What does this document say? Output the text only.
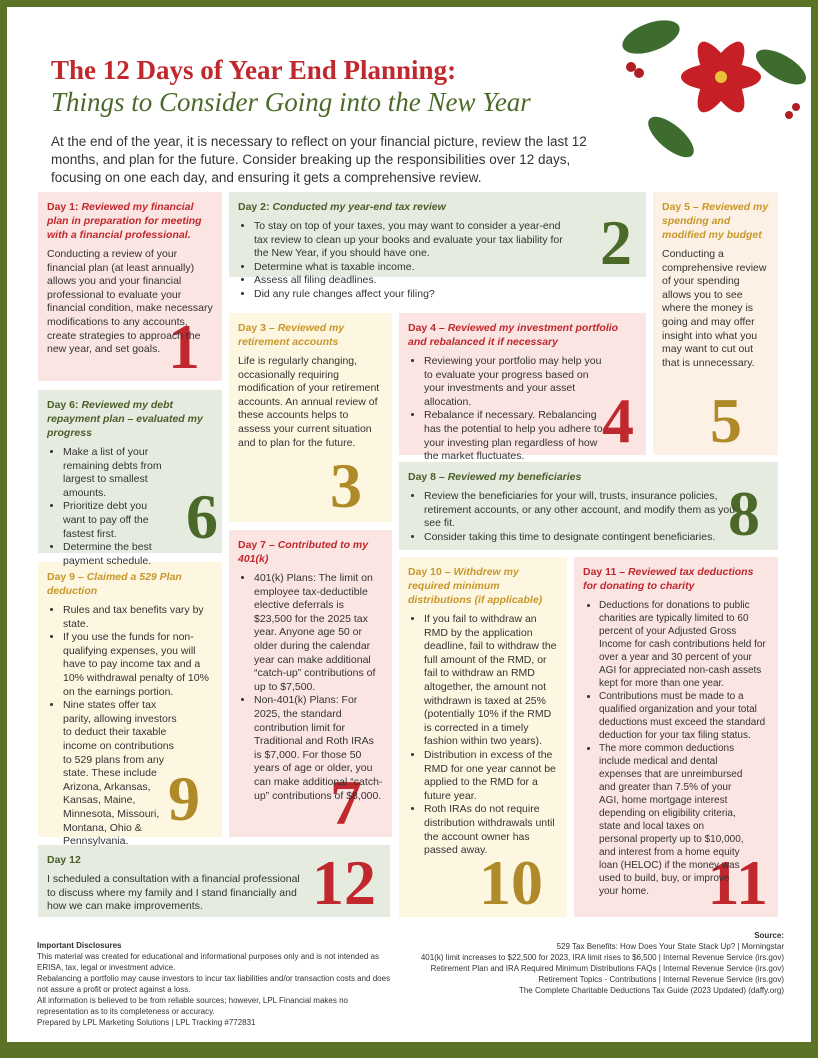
The 12 Days of Year End Planning:
Things to Consider Going into the New Year
At the end of the year, it is necessary to reflect on your financial picture, review the last 12 months, and plan for the future. Consider breaking up the responsibilities over 12 days, focusing on one each day, and ensuring it gets a comprehensive review.
Day 1: Reviewed my financial plan in preparation for meeting with a financial professional.

Conducting a review of your financial plan (at least annually) allows you and your financial professional to evaluate your financial condition, make necessary modifications to any accounts, create strategies to approach the new year, and set goals. 1
Day 2: Conducted my year-end tax review
• To stay on top of your taxes, you may want to consider a year-end tax review to clean up your books and evaluate your tax liability for the New Year, if you should have one.
• Determine what is taxable income.
• Assess all filing deadlines.
• Did any rule changes affect your filing?
2	Day 5 – Reviewed my spending and modified my budget

Conducting a comprehensive review of your spending allows you to see where the money is going and may offer insight into what you may want to cut out that is unnecessary.

5
Day 3 – Reviewed my retirement accounts

Life is regularly changing, occasionally requiring modification of your retirement accounts. An annual review of these accounts helps to assess your current situation and to plan for the future.

3
Day 4 – Reviewed my investment portfolio and rebalanced it if necessary
• Reviewing your portfolio may help you to evaluate your progress based on your investments and your asset allocation.
• Rebalance if necessary. Rebalancing has the potential to help you adhere to your investing plan regardless of how the market fluctuates.
4
Day 6: Reviewed my debt repayment plan – evaluated my progress
• Make a list of your remaining debts from largest to smallest amounts.
• Prioritize debt you want to pay off the fastest first.
• Determine the best payment schedule.
6
Day 8 – Reviewed my beneficiaries
• Review the beneficiaries for your will, trusts, insurance policies, retirement accounts, or any other account, and modify them as you see fit.
• Consider taking this time to designate contingent beneficiaries. 8
Day 7 – Contributed to my 401(k)
• 401(k) Plans: The limit on employee tax-deductible elective deferrals is $23,500 for the 2025 tax year. Anyone age 50 or older during the calendar year can make additional “catch-up” contributions of up to $7,500.
• Non-401(k) Plans: For 2025, the standard contribution limit for Traditional and Roth IRAs is $7,000. For those 50 years of age or older, you can make additional “catch-up” contributions of $8,000.
7
Day 9 – Claimed a 529 Plan deduction
• Rules and tax benefits vary by state.
• If you use the funds for non-qualifying expenses, you will have to pay income tax and a 10% withdrawal penalty of 10% on the earnings portion.
• Nine states offer tax parity, allowing investors to deduct their taxable income on contributions to 529 plans from any state. These include Arizona, Arkansas, Kansas, Maine, Minnesota, Missouri, Montana, Ohio & Pennsylvania.
9
Day 10 – Withdrew my required minimum distributions (if applicable)
• If you fail to withdraw an RMD by the application deadline, fail to withdraw the full amount of the RMD, or fail to withdraw an RMD altogether, the amount not withdrawn is taxed at 25% (potentially 10% if the RMD is corrected in a timely fashion within two years).
• Distribution in excess of the RMD for one year cannot be applied to the RMD for a future year.
• Roth IRAs do not require distribution withdrawals until the account owner has passed away.
10
Day 11 – Reviewed tax deductions for donating to charity
• Deductions for donations to public charities are typically limited to 60 percent of your Adjusted Gross Income for cash contributions held for over a year and 30 percent of your AGI for appreciated non-cash assets kept for more than one year.
• Contributions must be made to a qualified organization and your total deductions must exceed the standard deduction for your tax filing status.
• The more common deductions include medical and dental expenses that are unreimbursed and greater than 7.5% of your AGI, home mortgage interest depending on eligibility criteria, state and local taxes on personal property up to $10,000, and interest from a home equity loan (HELOC) if the money was used to build, buy, or improve your home. 11
Day 12

I scheduled a consultation with a financial professional to discuss where my family and I stand financially and how we can make improvements.	12

Important Disclosures

This material was created for educational and informational purposes only and is not intended as ERISA, tax, legal or investment advice.

Rebalancing a portfolio may cause investors to incur tax liabilities and/or transaction costs and does not assure a profit or protect against a loss.

All information is believed to be from reliable sources; however, LPL Financial makes no representation as to its completeness or accuracy.

Prepared by LPL Marketing Solutions | LPL Tracking #772831

Source:

529 Tax Benefits: How Does Your State Stack Up? | Morningstar

401(k) limit increases to $22,500 for 2023, IRA limit rises to $6,500 | Internal Revenue Service (irs.gov)

Retirement Plan and IRA Required Minimum Distributions FAQs | Internal Revenue Service (irs.gov)

Retirement Topics - Contributions | Internal Revenue Service (irs.gov)

The Complete Charitable Deductions Tax Guide (2023 Updated) (daffy.org)
